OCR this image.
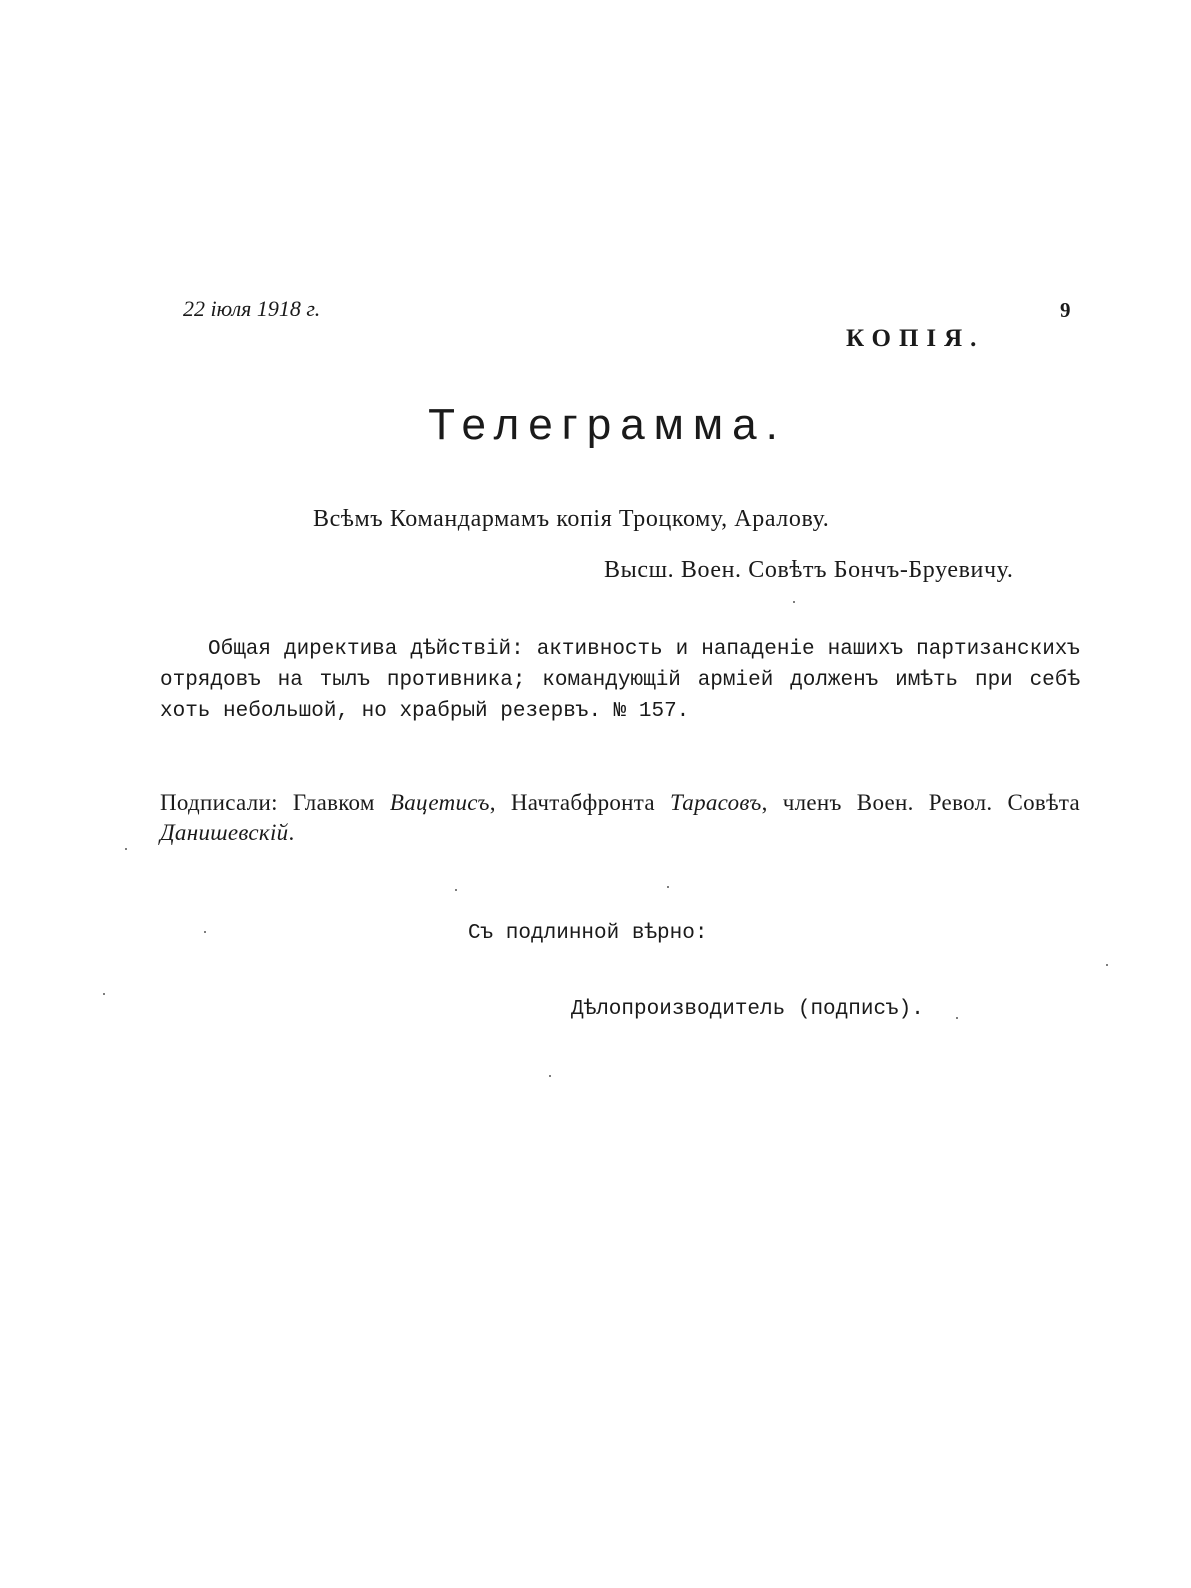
22 іюля 1918 г.	9
КОПІЯ.
Телеграмма.
Всѣмъ Командармамъ копія Троцкому, Аралову.
Высш. Воен. Совѣтъ Бончъ-Бруевичу.
Общая директива дѣйствій: активность и нападеніе нашихъ партизанскихъ отрядовъ на тылъ противника; командующій арміей долженъ имѣть при себѣ хоть небольшой, но храбрый резервъ. № 157.
Подписали: Главком Вацетисъ, Начтабфронта Тарасовъ, членъ Воен. Револ. Совѣта Данишевскій.
Съ подлинной вѣрно:
Дѣлопроизводитель (подписъ).
